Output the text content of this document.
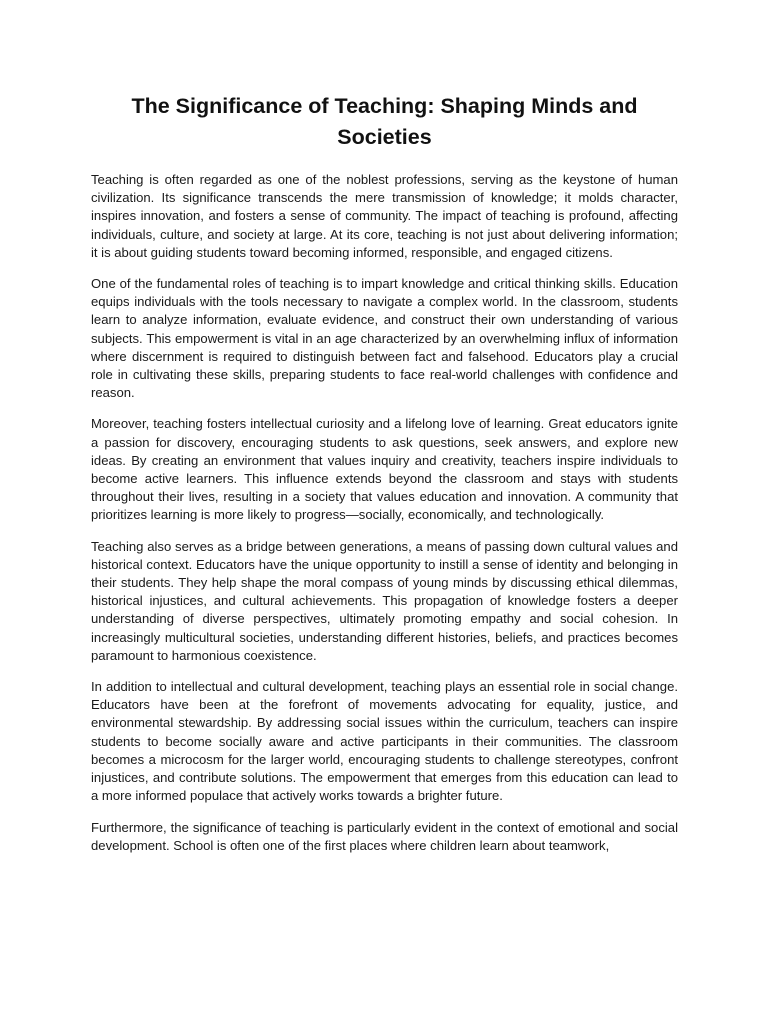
The Significance of Teaching: Shaping Minds and Societies

Teaching is often regarded as one of the noblest professions, serving as the keystone of human civilization. Its significance transcends the mere transmission of knowledge; it molds character, inspires innovation, and fosters a sense of community. The impact of teaching is profound, affecting individuals, culture, and society at large. At its core, teaching is not just about delivering information; it is about guiding students toward becoming informed, responsible, and engaged citizens.

One of the fundamental roles of teaching is to impart knowledge and critical thinking skills. Education equips individuals with the tools necessary to navigate a complex world. In the classroom, students learn to analyze information, evaluate evidence, and construct their own understanding of various subjects. This empowerment is vital in an age characterized by an overwhelming influx of information where discernment is required to distinguish between fact and falsehood. Educators play a crucial role in cultivating these skills, preparing students to face real-world challenges with confidence and reason.

Moreover, teaching fosters intellectual curiosity and a lifelong love of learning. Great educators ignite a passion for discovery, encouraging students to ask questions, seek answers, and explore new ideas. By creating an environment that values inquiry and creativity, teachers inspire individuals to become active learners. This influence extends beyond the classroom and stays with students throughout their lives, resulting in a society that values education and innovation. A community that prioritizes learning is more likely to progress—socially, economically, and technologically.

Teaching also serves as a bridge between generations, a means of passing down cultural values and historical context. Educators have the unique opportunity to instill a sense of identity and belonging in their students. They help shape the moral compass of young minds by discussing ethical dilemmas, historical injustices, and cultural achievements. This propagation of knowledge fosters a deeper understanding of diverse perspectives, ultimately promoting empathy and social cohesion. In increasingly multicultural societies, understanding different histories, beliefs, and practices becomes paramount to harmonious coexistence.

In addition to intellectual and cultural development, teaching plays an essential role in social change. Educators have been at the forefront of movements advocating for equality, justice, and environmental stewardship. By addressing social issues within the curriculum, teachers can inspire students to become socially aware and active participants in their communities. The classroom becomes a microcosm for the larger world, encouraging students to challenge stereotypes, confront injustices, and contribute solutions. The empowerment that emerges from this education can lead to a more informed populace that actively works towards a brighter future.

Furthermore, the significance of teaching is particularly evident in the context of emotional and social development. School is often one of the first places where children learn about teamwork,
